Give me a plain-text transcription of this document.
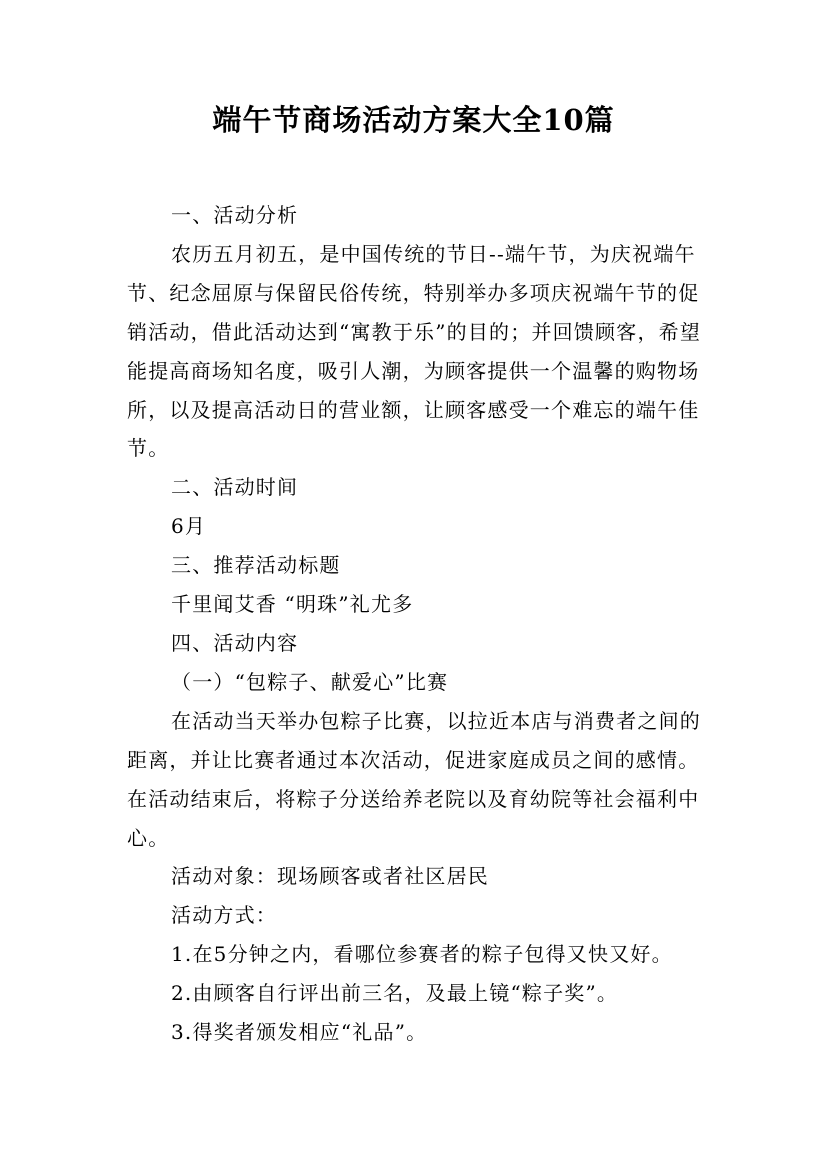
端午节商场活动方案大全10篇

一、活动分析

农历五月初五，是中国传统的节日--端午节，为庆祝端午节、纪念屈原与保留民俗传统，特别举办多项庆祝端午节的促销活动，借此活动达到“寓教于乐”的目的；并回馈顾客，希望能提高商场知名度，吸引人潮，为顾客提供一个温馨的购物场所，以及提高活动日的营业额，让顾客感受一个难忘的端午佳节。

二、活动时间

6月

三、推荐活动标题

千里闻艾香 “明珠”礼尤多

四、活动内容

（一）“包粽子、献爱心”比赛

在活动当天举办包粽子比赛，以拉近本店与消费者之间的距离，并让比赛者通过本次活动，促进家庭成员之间的感情。在活动结束后，将粽子分送给养老院以及育幼院等社会福利中心。

活动对象：现场顾客或者社区居民

活动方式：

1.在5分钟之内，看哪位参赛者的粽子包得又快又好。

2.由顾客自行评出前三名，及最上镜“粽子奖”。

3.得奖者颁发相应“礼品”。
